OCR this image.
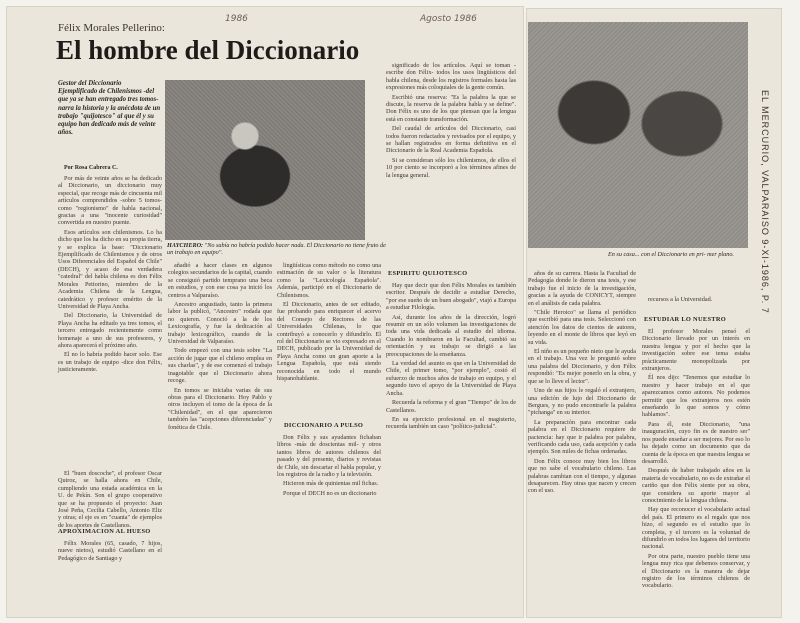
1986	Agosto 1986
Félix Morales Pellerino:
El hombre del Diccionario
Gestor del Diccionario Ejemplificado de Chilenismos -del que ya se han entregado tres tomos- narra la historia y la anécdota de un trabajo "quijotesco" al que él y su equipo han dedicado más de veinte años.
Por Rosa Cabrera C.
HAYCHERO: "No sabía no habría podido hacer nada. El Diccionario no tiene fruto de un trabajo en equipo".

Por más de veinte años se ha dedicado al Diccionario, un diccionario muy especial, que recoge más de cincuenta mil artículos comprendidos -sobre 5 tomos- como "regionismo" de habla nacional, gracias a una "inocente curiosidad" convertida en nuestro puente.

Esos artículos son chilenismos. Lo ha dicho que los ha dicho en su propia tierra, y se explica la base: "Diccionario Ejemplificado de Chilenismos y de otros Usos Diferenciales del Español de Chile" (DECH), y acaso de esa verdadera "catedral" del habla chilena es don Félix Morales Pettorino, miembro de la Academia Chilena de la Lengua, catedrático y profesor emérito de la Universidad de Playa Ancha.

Del Diccionario, la Universidad de Playa Ancha ha editado ya tres tomos, el tercero entregado recientemente como homenaje a uno de sus profesores, y ahora aparecerá el próximo año.

El no lo habría podido hacer solo. Ese es un trabajo de equipo -dice don Félix, justicieramente.

El "buen doscoche", el profesor Oscar Quiroz, se halla ahora en Chile, cumpliendo una estada académica en la U. de Pekín. Son el grupo cooperativo que se ha propuesto el proyecto: Juan José Peña, Cecilia Cabello, Antonio Eliz y otras; el eje es en "cuanta" de ejemplos de los aportes de Castellanos.

APROXIMACION AL HUESO

Félix Morales (65, casado, 7 hijos, nueve nietos), estudió Castellano en el Pedagógico de Santiago y

añadió a hacer clases en algunos colegios secundarios de la capital, cuando se consiguió partido temprano una beca en estudios, y con ese cosa ya inició los centros a Valparaíso.

Ancestro angustiado, tanto la primera labor la publicó, "Ancestro" rodada que no quieren. Conoció a la de los Lexicografía, y fue la dedicación al trabajo lexicográfico, cuando de la Universidad de Valparaíso.

Todo empezó con una tesis sobre "La acción de jugar que el chileno emplea en sus charlas", y de ese comenzó el trabajo inagotable que el Diccionario ahora recoge.

En tomos se iniciaba varias de sus obras para el Diccionario. Hoy Pablo y otros incluyen el tomo de la época de la "Chilenidad", en el que aparecieron también las "acepciones diferenciadas" y fonética de Chile.

lingüísticas como método no como una estimación de su valor o la literatura como la "Lexicología Española". Además, participó en el Diccionario de Chilenismos.

El Diccionario, antes de ser editado, fue probando para enriquecer el acervo del Consejo de Rectores de las Universidades Chilenas, lo que contribuyó a conocerlo y difundirlo. El rol del Diccionario se vio expresado en el DECH, publicado por la Universidad de Playa Ancha como un gran aporte a la Lengua Española, que está siendo reconocida en todo el mundo hispanohablante.

DICCIONARIO A PULSO

Don Félix y sus ayudantes fichaban libros -más de doscientas mil- y otros tantos libros de autores chilenos del pasado y del presente, diarios y revistas de Chile, sin descartar el habla popular, y los registros de la radio y la televisión.

Hicieron más de quinientas mil fichas.

Porque el DECH no es un diccionario

significado de los artículos. Aquí se toman -escribe don Félix- todos los usos lingüísticos del habla chilena, desde los registros formales hasta las expresiones más coloquiales de la gente común.

Escribió una reserva: "Es la palabra la que se discute, la reserva de la palabra habla y se define". Don Félix es uno de los que piensan que la lengua está en constante transformación.

Del caudal de artículos del Diccionario, casi todos fueron redactados y revisados por el equipo, y se hallan registrados en forma definitiva en el Diccionario de la Real Academia Española.

Si se consideran sólo los chilenismos, de ellos el 10 por ciento se incorporó a los términos afines de la lengua general.

ESPIRITU QUIJOTESCO

Hay que decir que don Félix Morales es también escritor. Después de decidir a estudiar Derecho, "por ese sueño de un buen abogado", viajó a Europa a estudiar Filología.

Así, durante los años de la dirección, logró resumir en un sólo volumen las investigaciones de toda una vida dedicada al estudio del idioma. Cuando lo nombraron en la Facultad, cambió su orientación y su trabajo se dirigió a las preocupaciones de la enseñanza.

La verdad del asunto es que en la Universidad de Chile, el primer tomo, "por ejemplo", costó el esfuerzo de muchos años de trabajo en equipo, y el segundo tuvo el apoyo de la Universidad de Playa Ancha.

Recuerda la reforma y el gran "Tiempo" de los de Castellanos.

En su ejercicio profesional en el magisterio, recuerda también un caso "político-judicial".

En su casa... con el Diccionario en pri- mer plano.

años de su carrera. Hasta la Facultad de Pedagogía donde le dieron una tesis, y ese trabajo fue el inicio de la investigación, gracias a la ayuda de CONICYT, siempre en el análisis de cada palabra.

"Chile Heroico" se llama el periódico que escribió para una tesis. Seleccionó con atención los datos de cientos de autores, leyendo en el monte de libros que leyó en su vida.

El niño es un pequeño nieto que le ayuda en el trabajo. Una vez le preguntó sobre una palabra del Diccionario, y don Félix respondió: "Es mejor ponerlo en la obra, y que se lo lleve el lector".

Uno de sus hijos le regaló el extranjero, una edición de lujo del Diccionario de Bergues, y no pudo encontrarle la palabra "pichanga" en su interior.

La preparación para encontrar cada palabra en el Diccionario requiere de paciencia: hay que ir palabra por palabra, verificando cada uso, cada acepción y cada ejemplo. Son miles de fichas ordenadas.

Don Félix conoce muy bien los libros que no sabe el vocabulario chileno. Las palabras cambian con el tiempo, y algunas desaparecen. Hay otras que nacen y crecen con el uso.

recursos a la Universidad.

ESTUDIAR LO NUESTRO

El profesor Morales pensó el Diccionario llevado por un interés en nuestra lengua y por el hecho que la investigación sobre ese tema estaba prácticamente monopolizada por extranjeros.

Él nos dijo: "Tenemos que estudiar lo nuestro y hacer trabajo en el que aparezcamos como autores. No podemos permitir que los extranjeros nos estén enseñando lo que somos y cómo hablamos".

Para él, este Diccionario, "una inauguración, cuyo fin es de nuestro ser" nos puede enseñar a ser mejores. Por eso lo ha dejado como un documento que da cuenta de la época en que nuestra lengua se desarrolló.

Después de haber trabajado años en la materia de vocabulario, no es de extrañar el cariño que don Félix siente por su obra, que considera su aporte mayor al conocimiento de la lengua chilena.

Hay que reconocer el vocabulario actual del país. El primero es el regalo que nos hizo, el segundo es el estudio que lo completa, y el tercero es la voluntad de difundirlo en todos los lugares del territorio nacional.

Por otra parte, nuestro pueblo tiene una lengua muy rica que debemos conservar, y el Diccionario es la manera de dejar registro de los términos chilenos de vocabulario.

EL MERCURIO, VALPARAISO 9-XI-1986, P. 7
